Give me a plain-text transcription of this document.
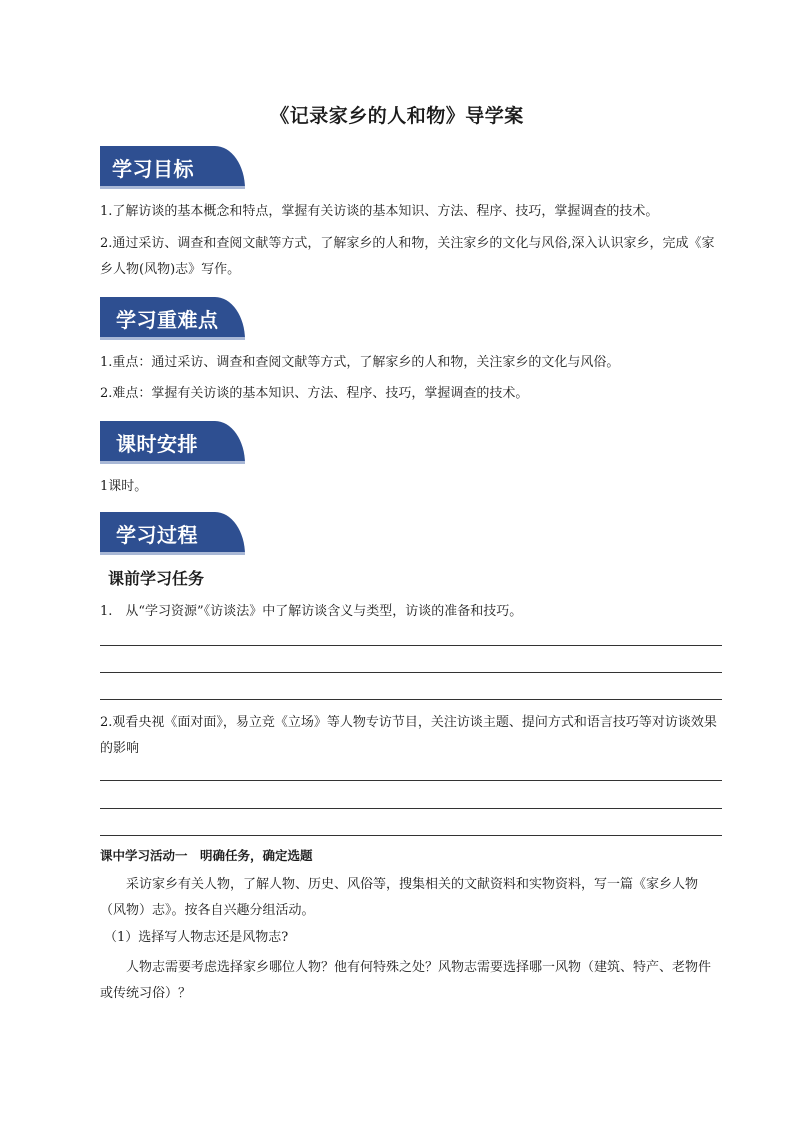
《记录家乡的人和物》导学案
学习目标
1.了解访谈的基本概念和特点，掌握有关访谈的基本知识、方法、程序、技巧，掌握调查的技术。
2.通过采访、调查和查阅文献等方式，了解家乡的人和物，关注家乡的文化与风俗,深入认识家乡，完成《家乡人物(风物)志》写作。
学习重难点
1.重点：通过采访、调查和查阅文献等方式，了解家乡的人和物，关注家乡的文化与风俗。
2.难点：掌握有关访谈的基本知识、方法、程序、技巧，掌握调查的技术。
课时安排
1课时。
学习过程
课前学习任务
1.　从“学习资源”《访谈法》中了解访谈含义与类型，访谈的准备和技巧。
2.观看央视《面对面》，易立竞《立场》等人物专访节目，关注访谈主题、提问方式和语言技巧等对访谈效果的影响
课中学习活动一　明确任务，确定选题
采访家乡有关人物，了解人物、历史、风俗等，搜集相关的文献资料和实物资料，写一篇《家乡人物（风物）志》。按各自兴趣分组活动。
（1）选择写人物志还是风物志?
人物志需要考虑选择家乡哪位人物？他有何特殊之处？风物志需要选择哪一风物（建筑、特产、老物件或传统习俗）？
